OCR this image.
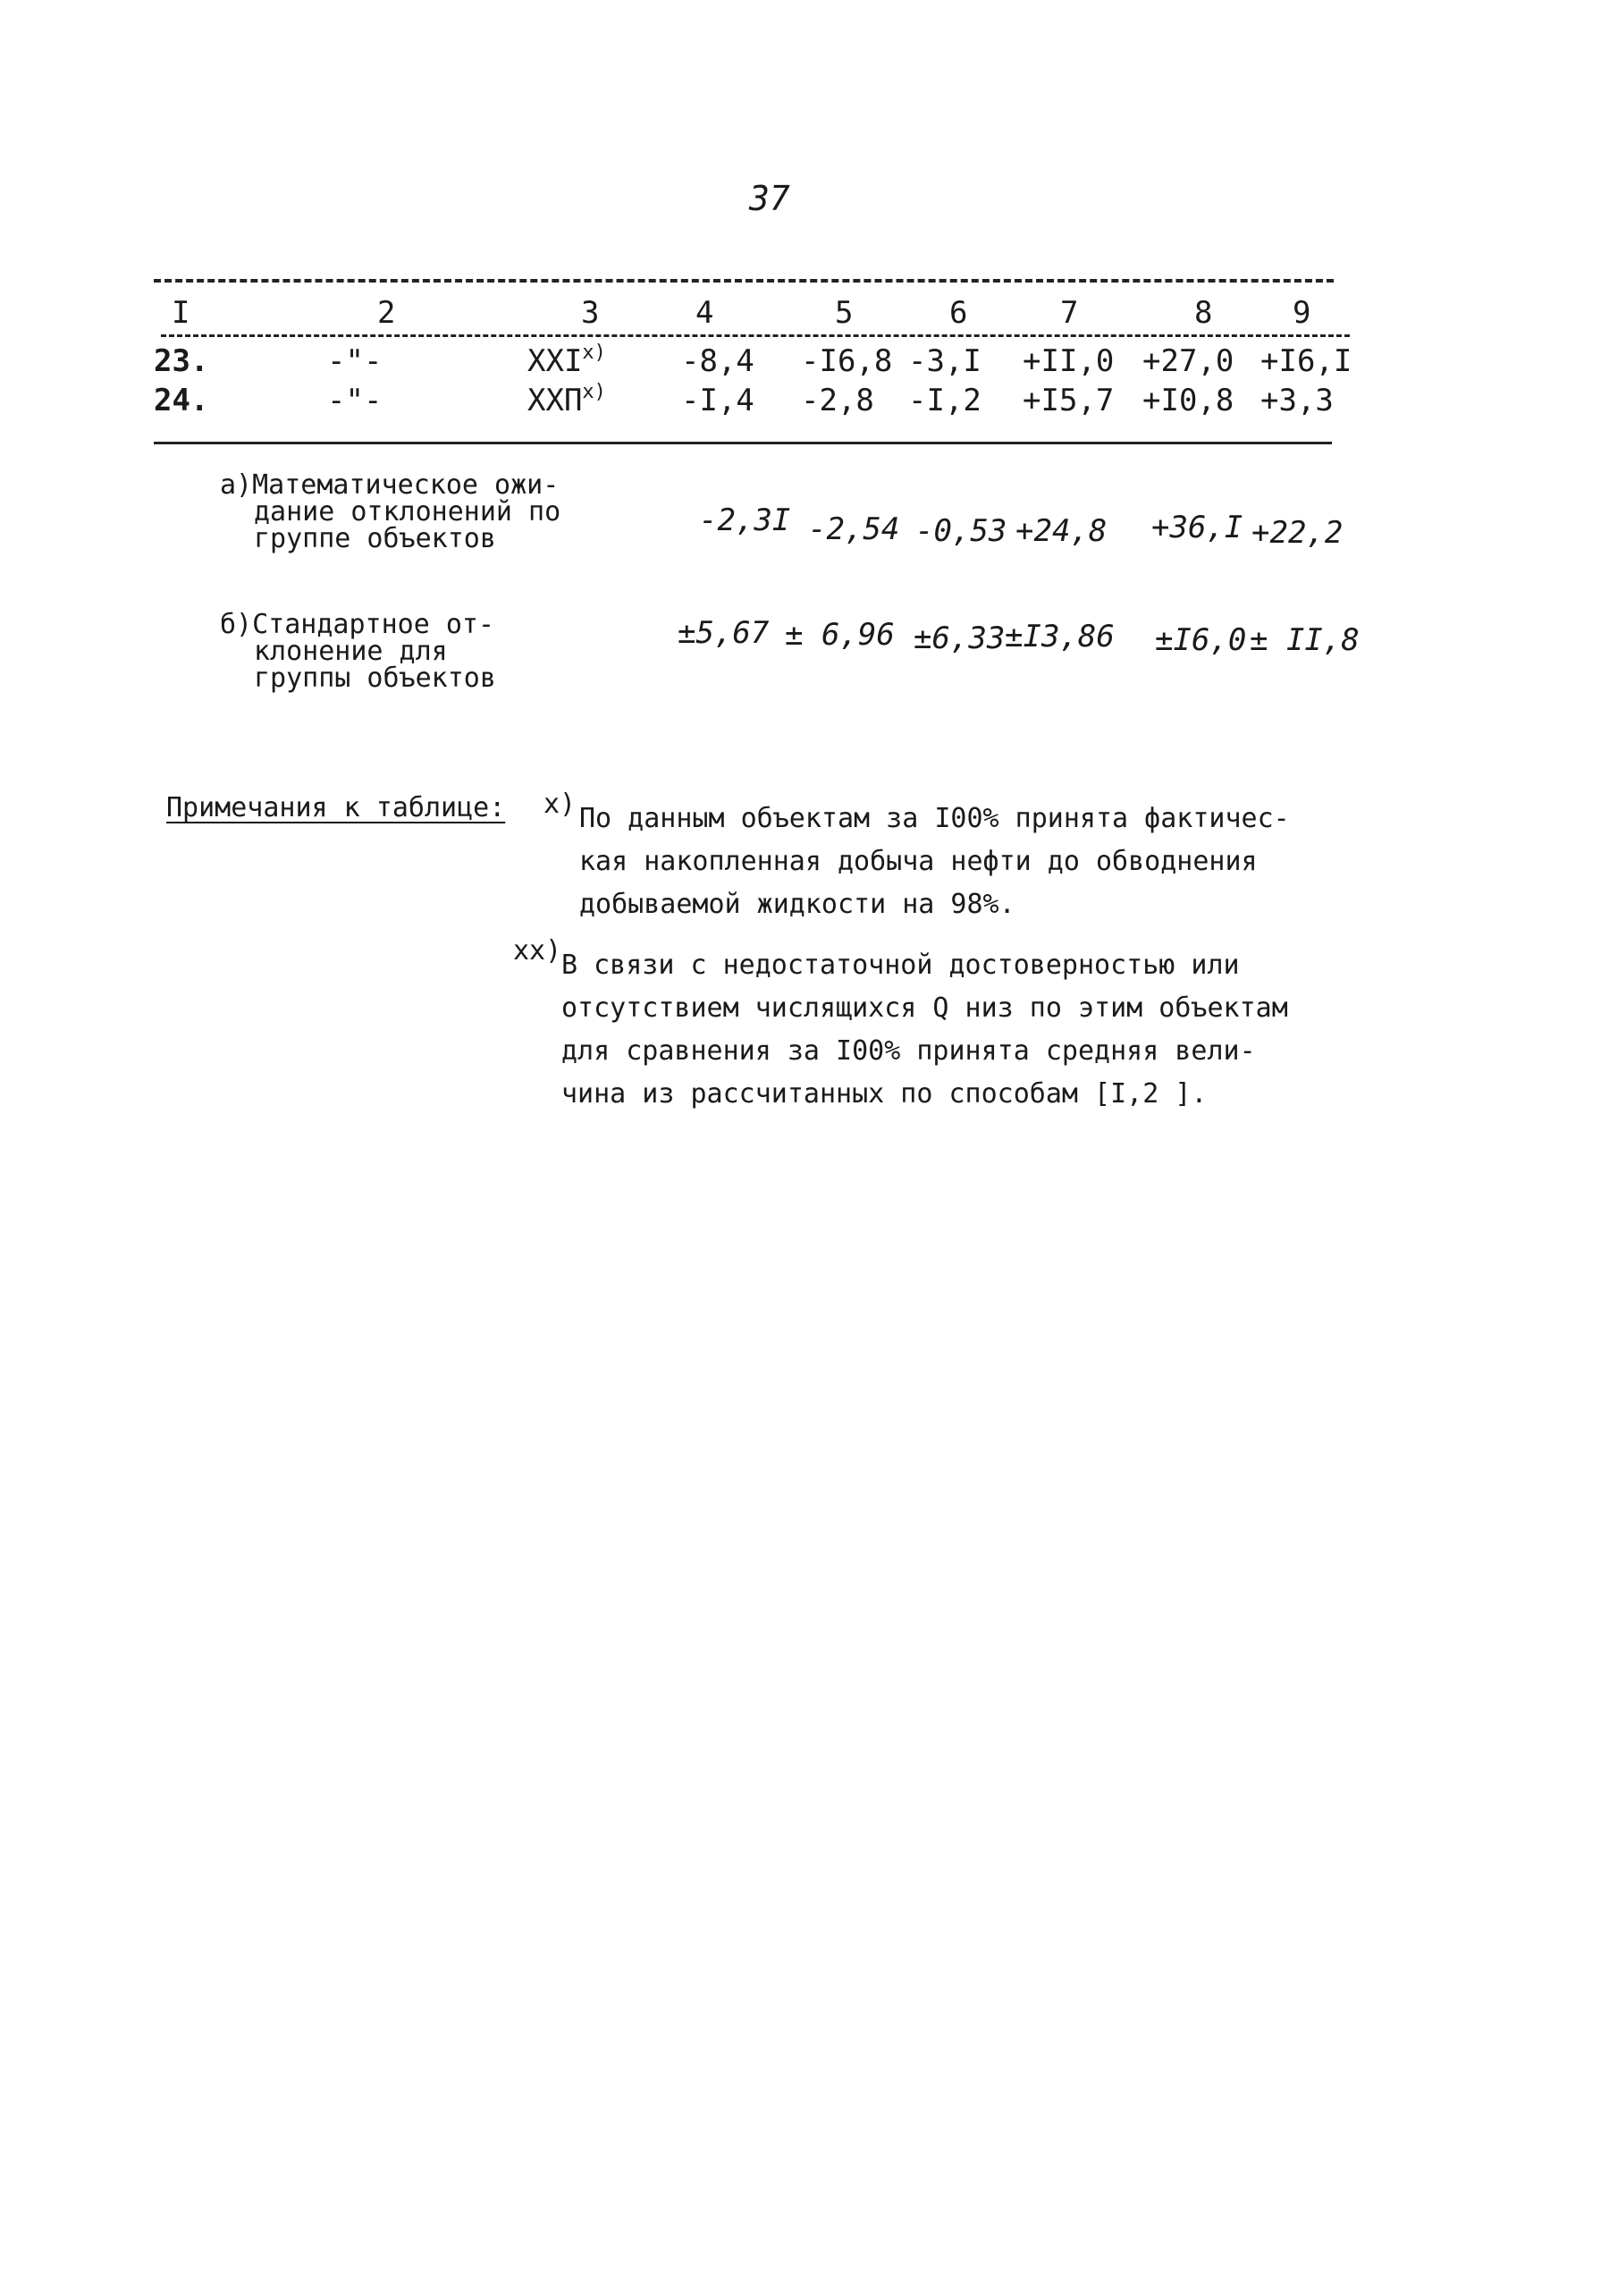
37
I	2	3	4	5	6	7	8	9
23.	-"-	XXI$^{x)}$ -8,4 -I6,8 -3,I +II,0 +27,0 +I6,I
24.	-"-	XXП$^{x)}$ -I,4 -2,8 -I,2 +I5,7 +I0,8 +3,3
а)Математическое ожи-
дание отклонений по
группе объектов
-2,3I -2,54 -0,53 +24,8 +36,I +22,2
б)Стандартное от-
клонение для
группы объектов
±5,67 ± 6,96 ±6,33 ±I3,86 ±I6,0 ± II,8
Примечания к таблице: x) По данным объектам за I00% принята фактичес-
кая накопленная добыча нефти до обводнения
добываемой жидкости на 98%.
xx) В связи с недостаточной достоверностью или
отсутствием числящихся Q низ по этим объектам
для сравнения за I00% принята средняя вели-
чина из рассчитанных по способам [I,2 ].
